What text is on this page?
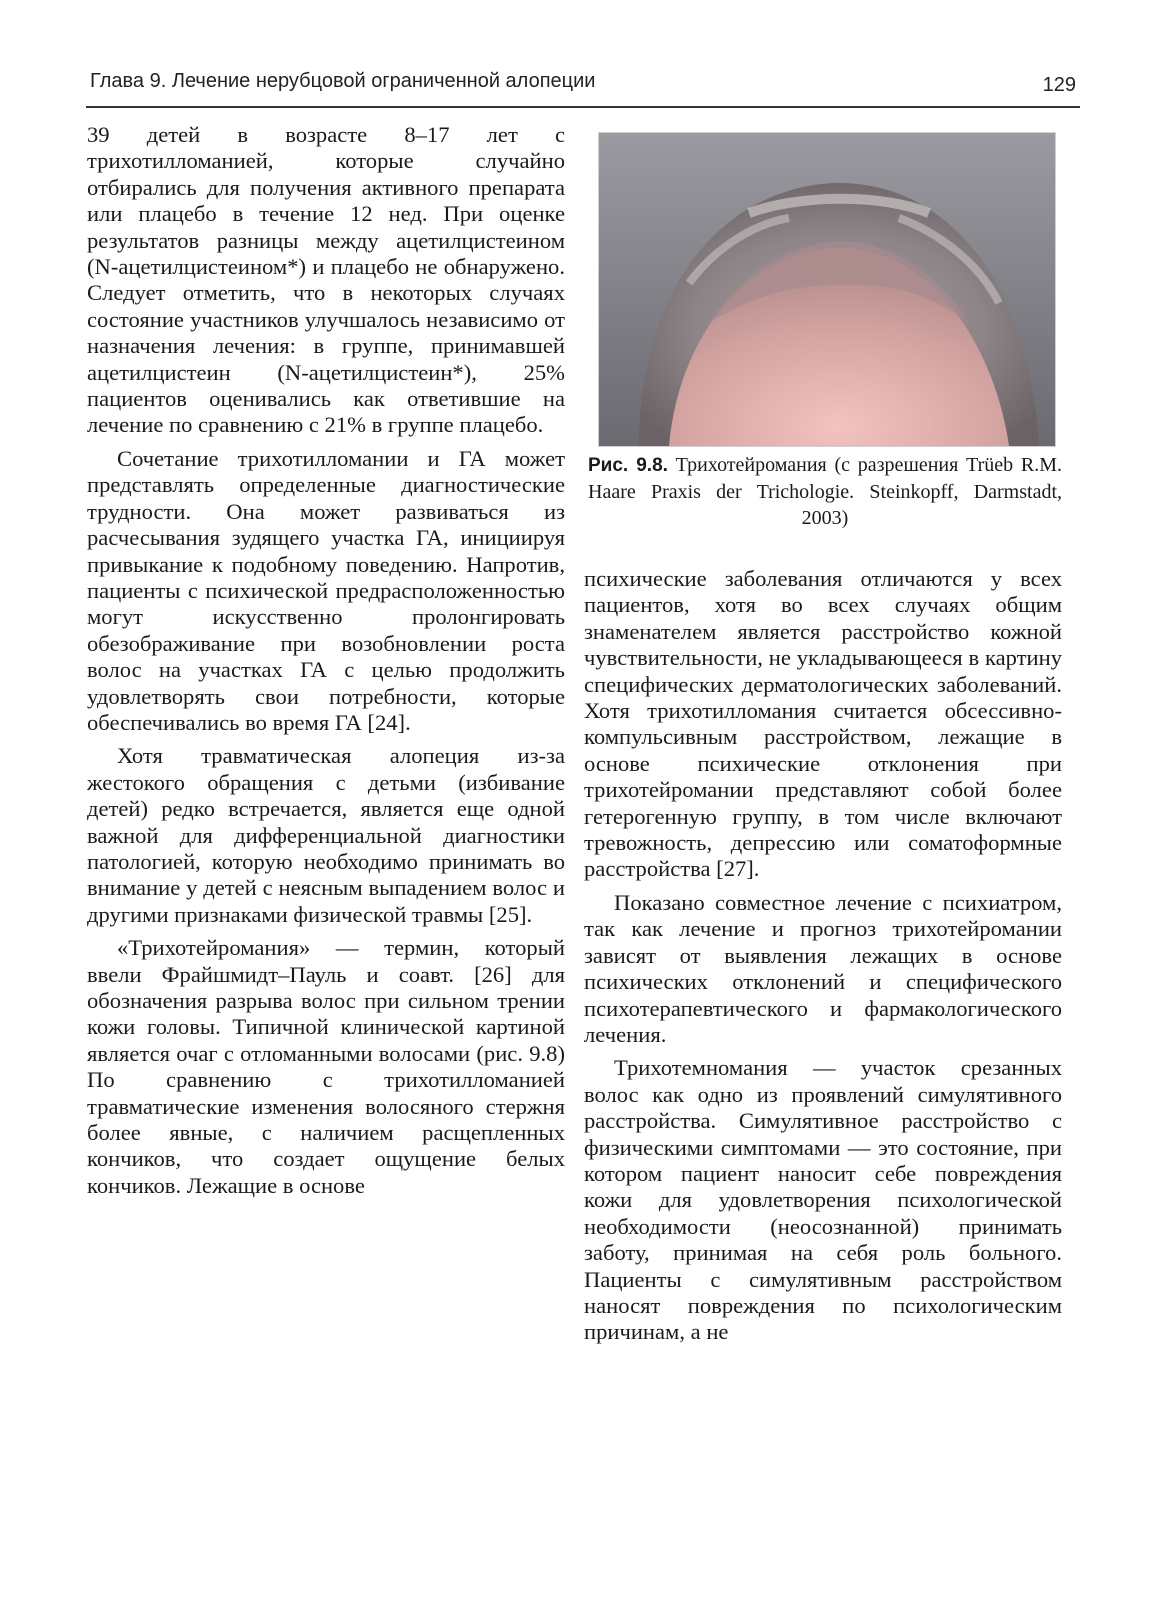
Глава 9. Лечение нерубцовой ограниченной алопеции	129

39 детей в возрасте 8–17 лет с трихотилломанией, которые случайно отбирались для получения активного препарата или плацебо в течение 12 нед. При оценке результатов разницы между ацетилцистеином (N-ацетилцистеином*) и плацебо не обнаружено. Следует отметить, что в некоторых случаях состояние участников улучшалось независимо от назначения лечения: в группе, принимавшей ацетилцистеин (N-ацетилцистеин*), 25% пациентов оценивались как ответившие на лечение по сравнению с 21% в группе плацебо.

Сочетание трихотилломании и ГА может представлять определенные диагностические трудности. Она может развиваться из расчесывания зудящего участка ГА, инициируя привыкание к подобному поведению. Напротив, пациенты с психической предрасположенностью могут искусственно пролонгировать обезображивание при возобновлении роста волос на участках ГА с целью продолжить удовлетворять свои потребности, которые обеспечивались во время ГА [24].

Хотя травматическая алопеция из-за жестокого обращения с детьми (избивание детей) редко встречается, является еще одной важной для дифференциальной диагностики патологией, которую необходимо принимать во внимание у детей с неясным выпадением волос и другими признаками физической травмы [25].

«Трихотейромания» — термин, который ввели Фрайшмидт–Пауль и соавт. [26] для обозначения разрыва волос при сильном трении кожи головы. Типичной клинической картиной является очаг с отломанными волосами (рис. 9.8) По сравнению с трихотилломанией травматические изменения волосяного стержня более явные, с наличием расщепленных кончиков, что создает ощущение белых кончиков. Лежащие в основе

Рис. 9.8. Трихотейромания (с разрешения Trüeb R.M. Haare Praxis der Trichologie. Steinkopff, Darmstadt, 2003)

психические заболевания отличаются у всех пациентов, хотя во всех случаях общим знаменателем является расстройство кожной чувствительности, не укладывающееся в картину специфических дерматологических заболеваний. Хотя трихотилломания считается обсессивно-компульсивным расстройством, лежащие в основе психические отклонения при трихотейромании представляют собой более гетерогенную группу, в том числе включают тревожность, депрессию или соматоформные расстройства [27].

Показано совместное лечение с психиатром, так как лечение и прогноз трихотейромании зависят от выявления лежащих в основе психических отклонений и специфического психотерапевтического и фармакологического лечения.

Трихотемномания — участок срезанных волос как одно из проявлений симулятивного расстройства. Симулятивное расстройство с физическими симптомами — это состояние, при котором пациент наносит себе повреждения кожи для удовлетворения психологической необходимости (неосознанной) принимать заботу, принимая на себя роль больного. Пациенты с симулятивным расстройством наносят повреждения по психологическим причинам, а не
